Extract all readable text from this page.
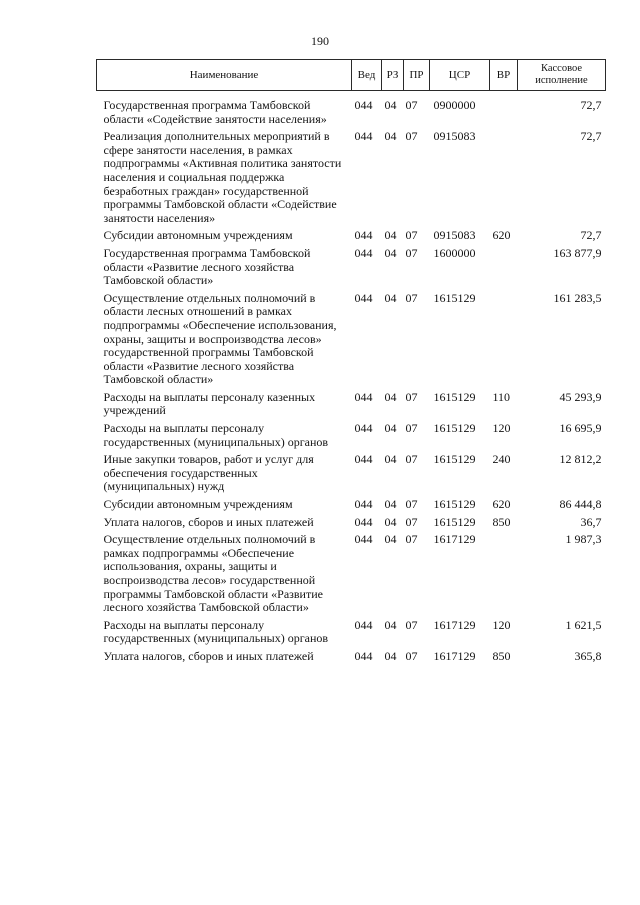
190
Наименование	Вед	РЗ	ПР	ЦСР	ВР	Кассовое исполнение
Государственная программа Тамбовской области «Содействие занятости населения»	044	04	07	0900000		72,7
Реализация дополнительных мероприятий в сфере занятости населения, в рамках подпрограммы «Активная политика занятости населения и социальная поддержка безработных граждан» государственной программы Тамбовской области «Содействие занятости населения»	044	04	07	0915083		72,7
Субсидии автономным учреждениям	044	04	07	0915083	620	72,7
Государственная программа Тамбовской области «Развитие лесного хозяйства Тамбовской области»	044	04	07	1600000		163 877,9
Осуществление отдельных полномочий в области лесных отношений в рамках подпрограммы «Обеспечение использования, охраны, защиты и воспроизводства лесов» государственной программы Тамбовской области «Развитие лесного хозяйства Тамбовской области»	044	04	07	1615129		161 283,5
Расходы на выплаты персоналу казенных учреждений	044	04	07	1615129	110	45 293,9
Расходы на выплаты персоналу государственных (муниципальных) органов	044	04	07	1615129	120	16 695,9
Иные закупки товаров, работ и услуг для обеспечения государственных (муниципальных) нужд	044	04	07	1615129	240	12 812,2
Субсидии автономным учреждениям	044	04	07	1615129	620	86 444,8
Уплата налогов, сборов и иных платежей	044	04	07	1615129	850	36,7
Осуществление отдельных полномочий в рамках подпрограммы «Обеспечение использования, охраны, защиты и воспроизводства лесов» государственной программы Тамбовской области «Развитие лесного хозяйства Тамбовской области»	044	04	07	1617129		1 987,3
Расходы на выплаты персоналу государственных (муниципальных) органов	044	04	07	1617129	120	1 621,5
Уплата налогов, сборов и иных платежей	044	04	07	1617129	850	365,8
